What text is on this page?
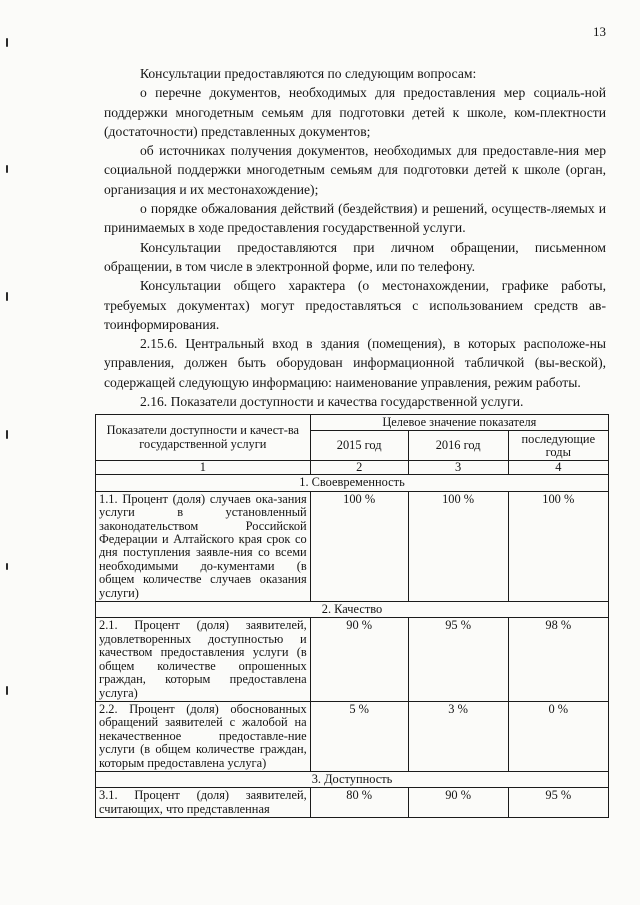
13

Консультации предоставляются по следующим вопросам:

о перечне документов, необходимых для предоставления мер социаль-ной поддержки многодетным семьям для подготовки детей к школе, ком-плектности (достаточности) представленных документов;

об источниках получения документов, необходимых для предоставле-ния мер социальной поддержки многодетным семьям для подготовки детей к школе (орган, организация и их местонахождение);

о порядке обжалования действий (бездействия) и решений, осуществ-ляемых и принимаемых в ходе предоставления государственной услуги.

Консультации предоставляются при личном обращении, письменном обращении, в том числе в электронной форме, или по телефону.

Консультации общего характера (о местонахождении, графике работы, требуемых документах) могут предоставляться с использованием средств ав-тоинформирования.

2.15.6. Центральный вход в здания (помещения), в которых расположе-ны управления, должен быть оборудован информационной табличкой (вы-веской), содержащей следующую информацию: наименование управления, режим работы.

2.16. Показатели доступности и качества государственной услуги.

Показатели доступности и качест-ва государственной услуги	Целевое значение показателя		
	2015 год	2016 год	последующие годы
1	2	3	4
1. Своевременность			
1.1. Процент (доля) случаев ока-зания услуги в установленный законодательством Российской Федерации и Алтайского края срок со дня поступления заявле-ния со всеми необходимыми до-кументами (в общем количестве случаев оказания услуги)	100 %	100 %	100 %
2. Качество			
2.1. Процент (доля) заявителей, удовлетворенных доступностью и качеством предоставления услуги (в общем количестве опрошенных граждан, которым предоставлена услуга)	90 %	95 %	98 %
2.2. Процент (доля) обоснованных обращений заявителей с жалобой на некачественное предоставле-ние услуги (в общем количестве граждан, которым предоставлена услуга)	5 %	3 %	0 %
3. Доступность			
3.1. Процент (доля) заявителей, считающих, что представленная	80 %	90 %	95 %
